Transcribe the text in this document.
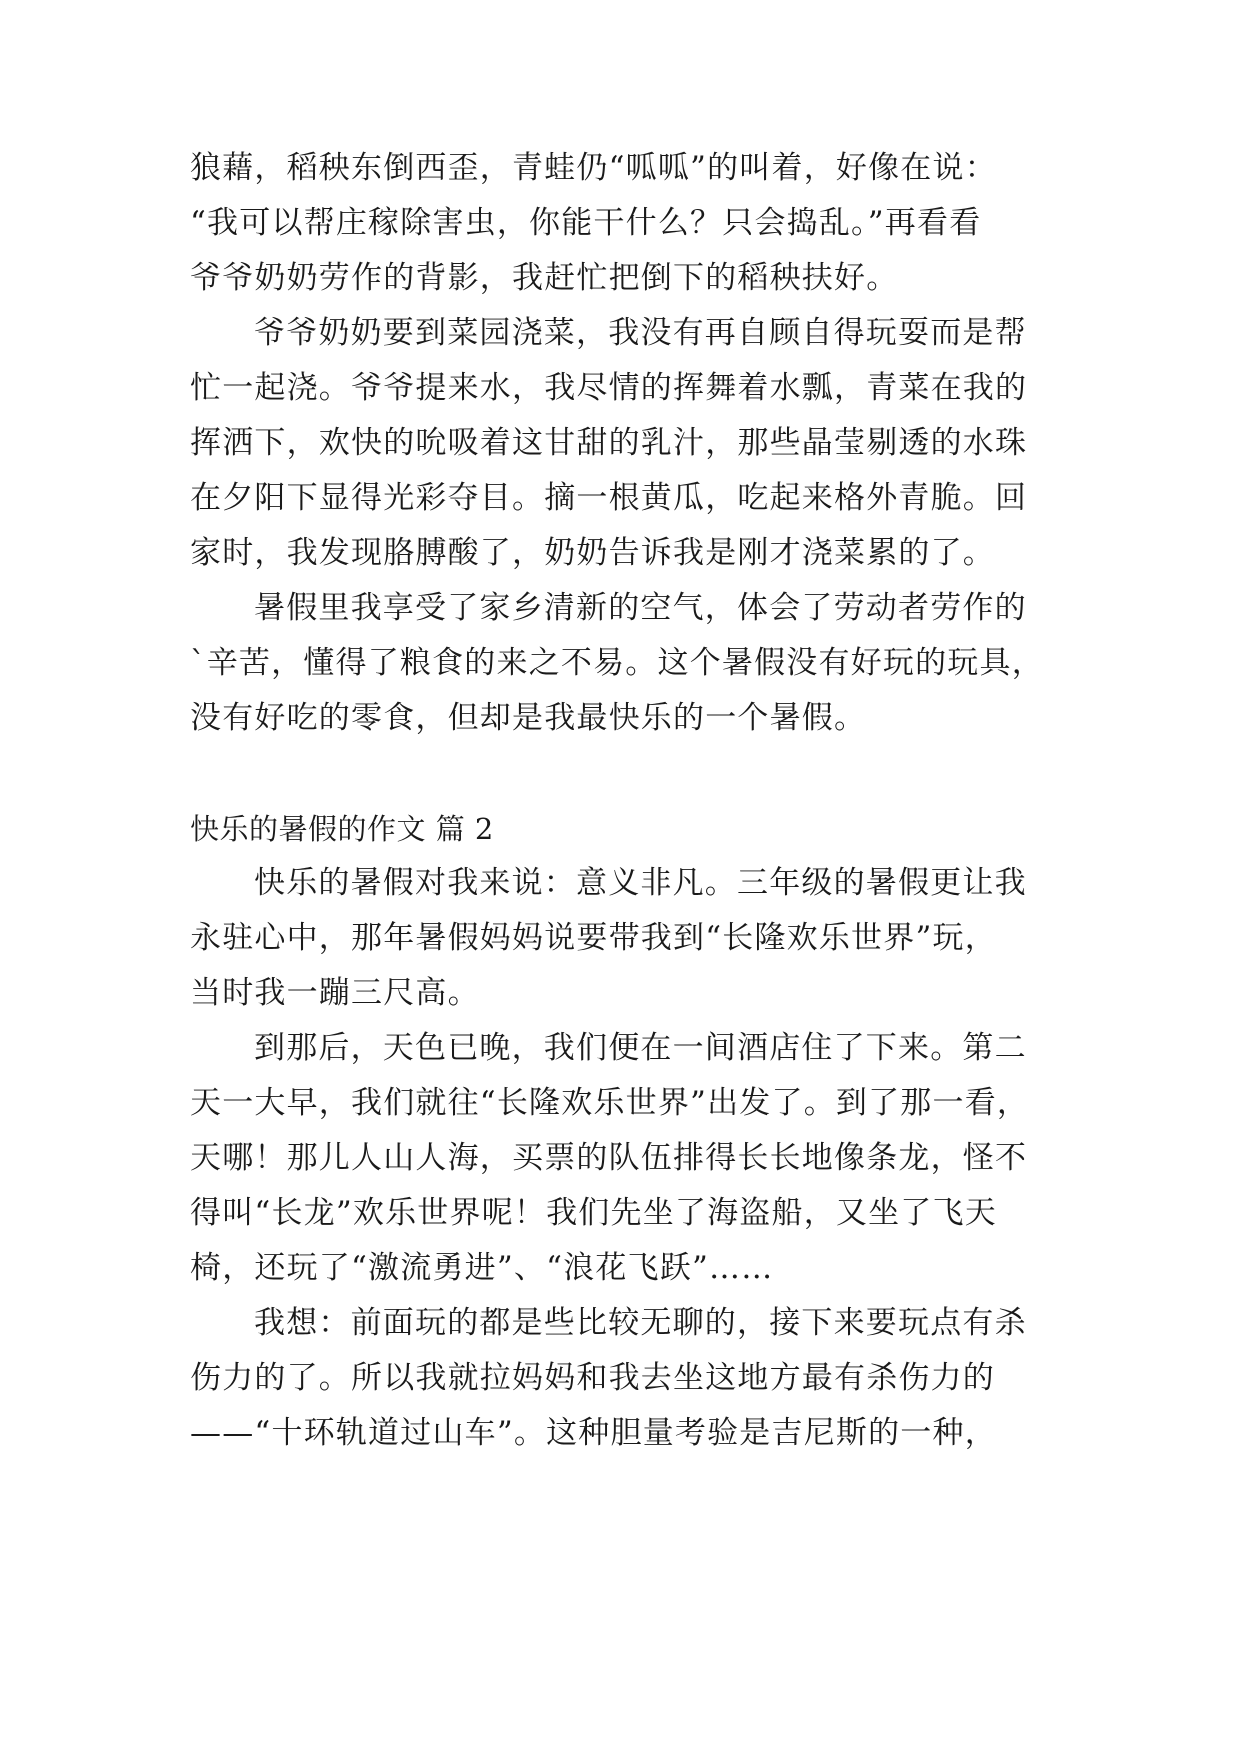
狼藉，稻秧东倒西歪，青蛙仍“呱呱”的叫着，好像在说：
“我可以帮庄稼除害虫，你能干什么？只会捣乱。”再看看
爷爷奶奶劳作的背影，我赶忙把倒下的稻秧扶好。
爷爷奶奶要到菜园浇菜，我没有再自顾自得玩耍而是帮
忙一起浇。爷爷提来水，我尽情的挥舞着水瓢，青菜在我的
挥洒下，欢快的吮吸着这甘甜的乳汁，那些晶莹剔透的水珠
在夕阳下显得光彩夺目。摘一根黄瓜，吃起来格外青脆。回
家时，我发现胳膊酸了，奶奶告诉我是刚才浇菜累的了。
暑假里我享受了家乡清新的空气，体会了劳动者劳作的
`辛苦，懂得了粮食的来之不易。这个暑假没有好玩的玩具，
没有好吃的零食，但却是我最快乐的一个暑假。
快乐的暑假的作文 篇 2
快乐的暑假对我来说：意义非凡。三年级的暑假更让我
永驻心中，那年暑假妈妈说要带我到“长隆欢乐世界”玩，
当时我一蹦三尺高。
到那后，天色已晚，我们便在一间酒店住了下来。第二
天一大早，我们就往“长隆欢乐世界”出发了。到了那一看，
天哪！那儿人山人海，买票的队伍排得长长地像条龙，怪不
得叫“长龙”欢乐世界呢！我们先坐了海盗船，又坐了飞天
椅，还玩了“激流勇进”、“浪花飞跃”……
我想：前面玩的都是些比较无聊的，接下来要玩点有杀
伤力的了。所以我就拉妈妈和我去坐这地方最有杀伤力的
——“十环轨道过山车”。这种胆量考验是吉尼斯的一种，
